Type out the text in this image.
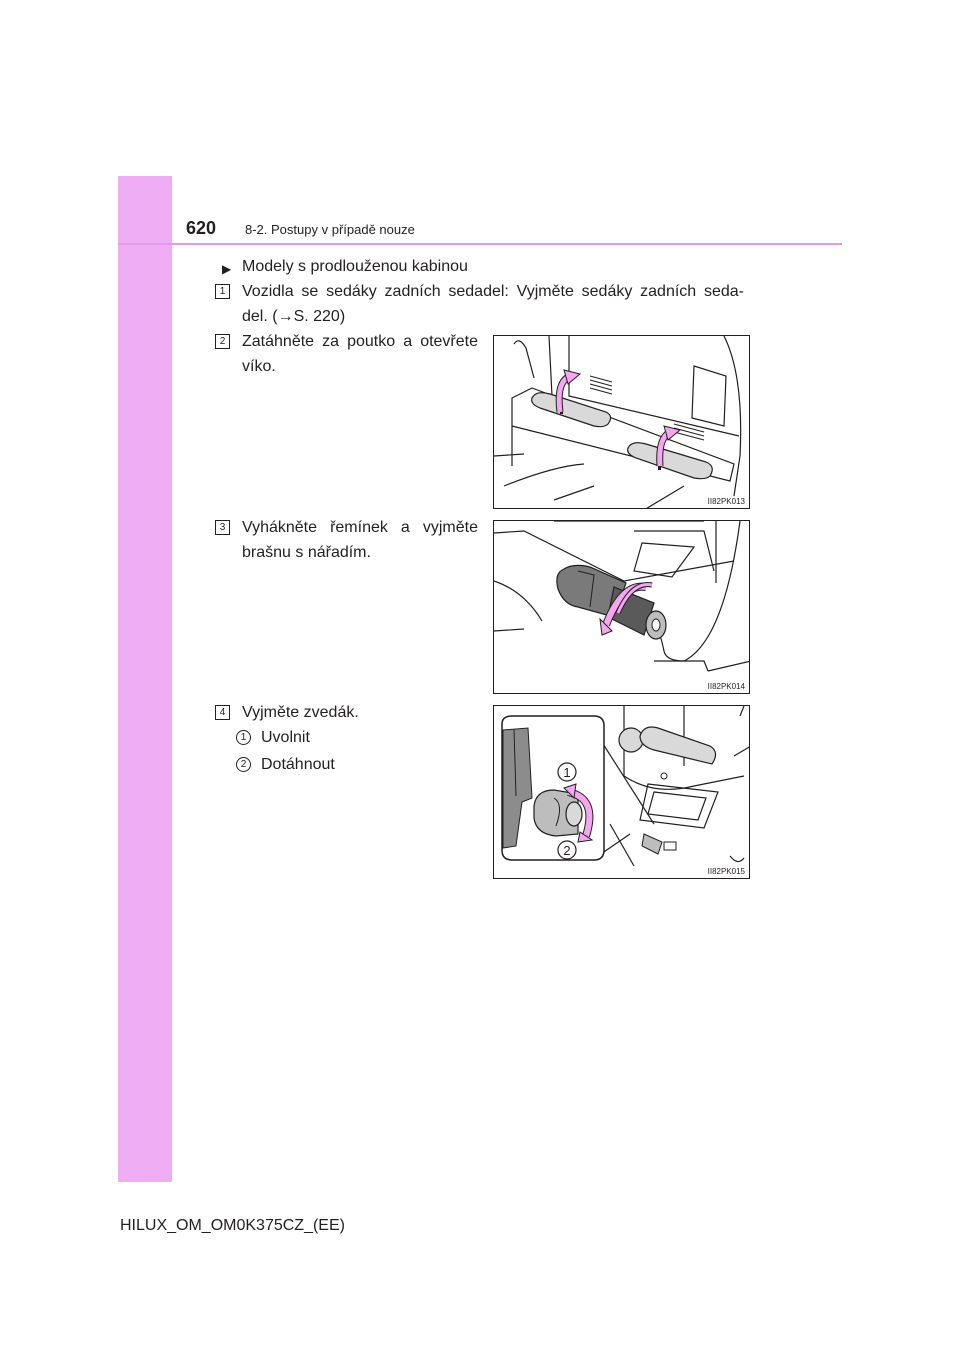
620 8-2. Postupy v případě nouze
▶ Modely s prodlouženou kabinou
1 Vozidla se sedáky zadních sedadel: Vyjměte sedáky zadních seda-
del. (→S. 220)
2 Zatáhněte za poutko a otevřete
víko.
3 Vyhákněte řemínek a vyjměte
brašnu s nářadím.
4 Vyjměte zvedák.
1 Uvolnit
2 Dotáhnout
II82PK013
II82PK014
1
2
II82PK015
HILUX_OM_OM0K375CZ_(EE)
